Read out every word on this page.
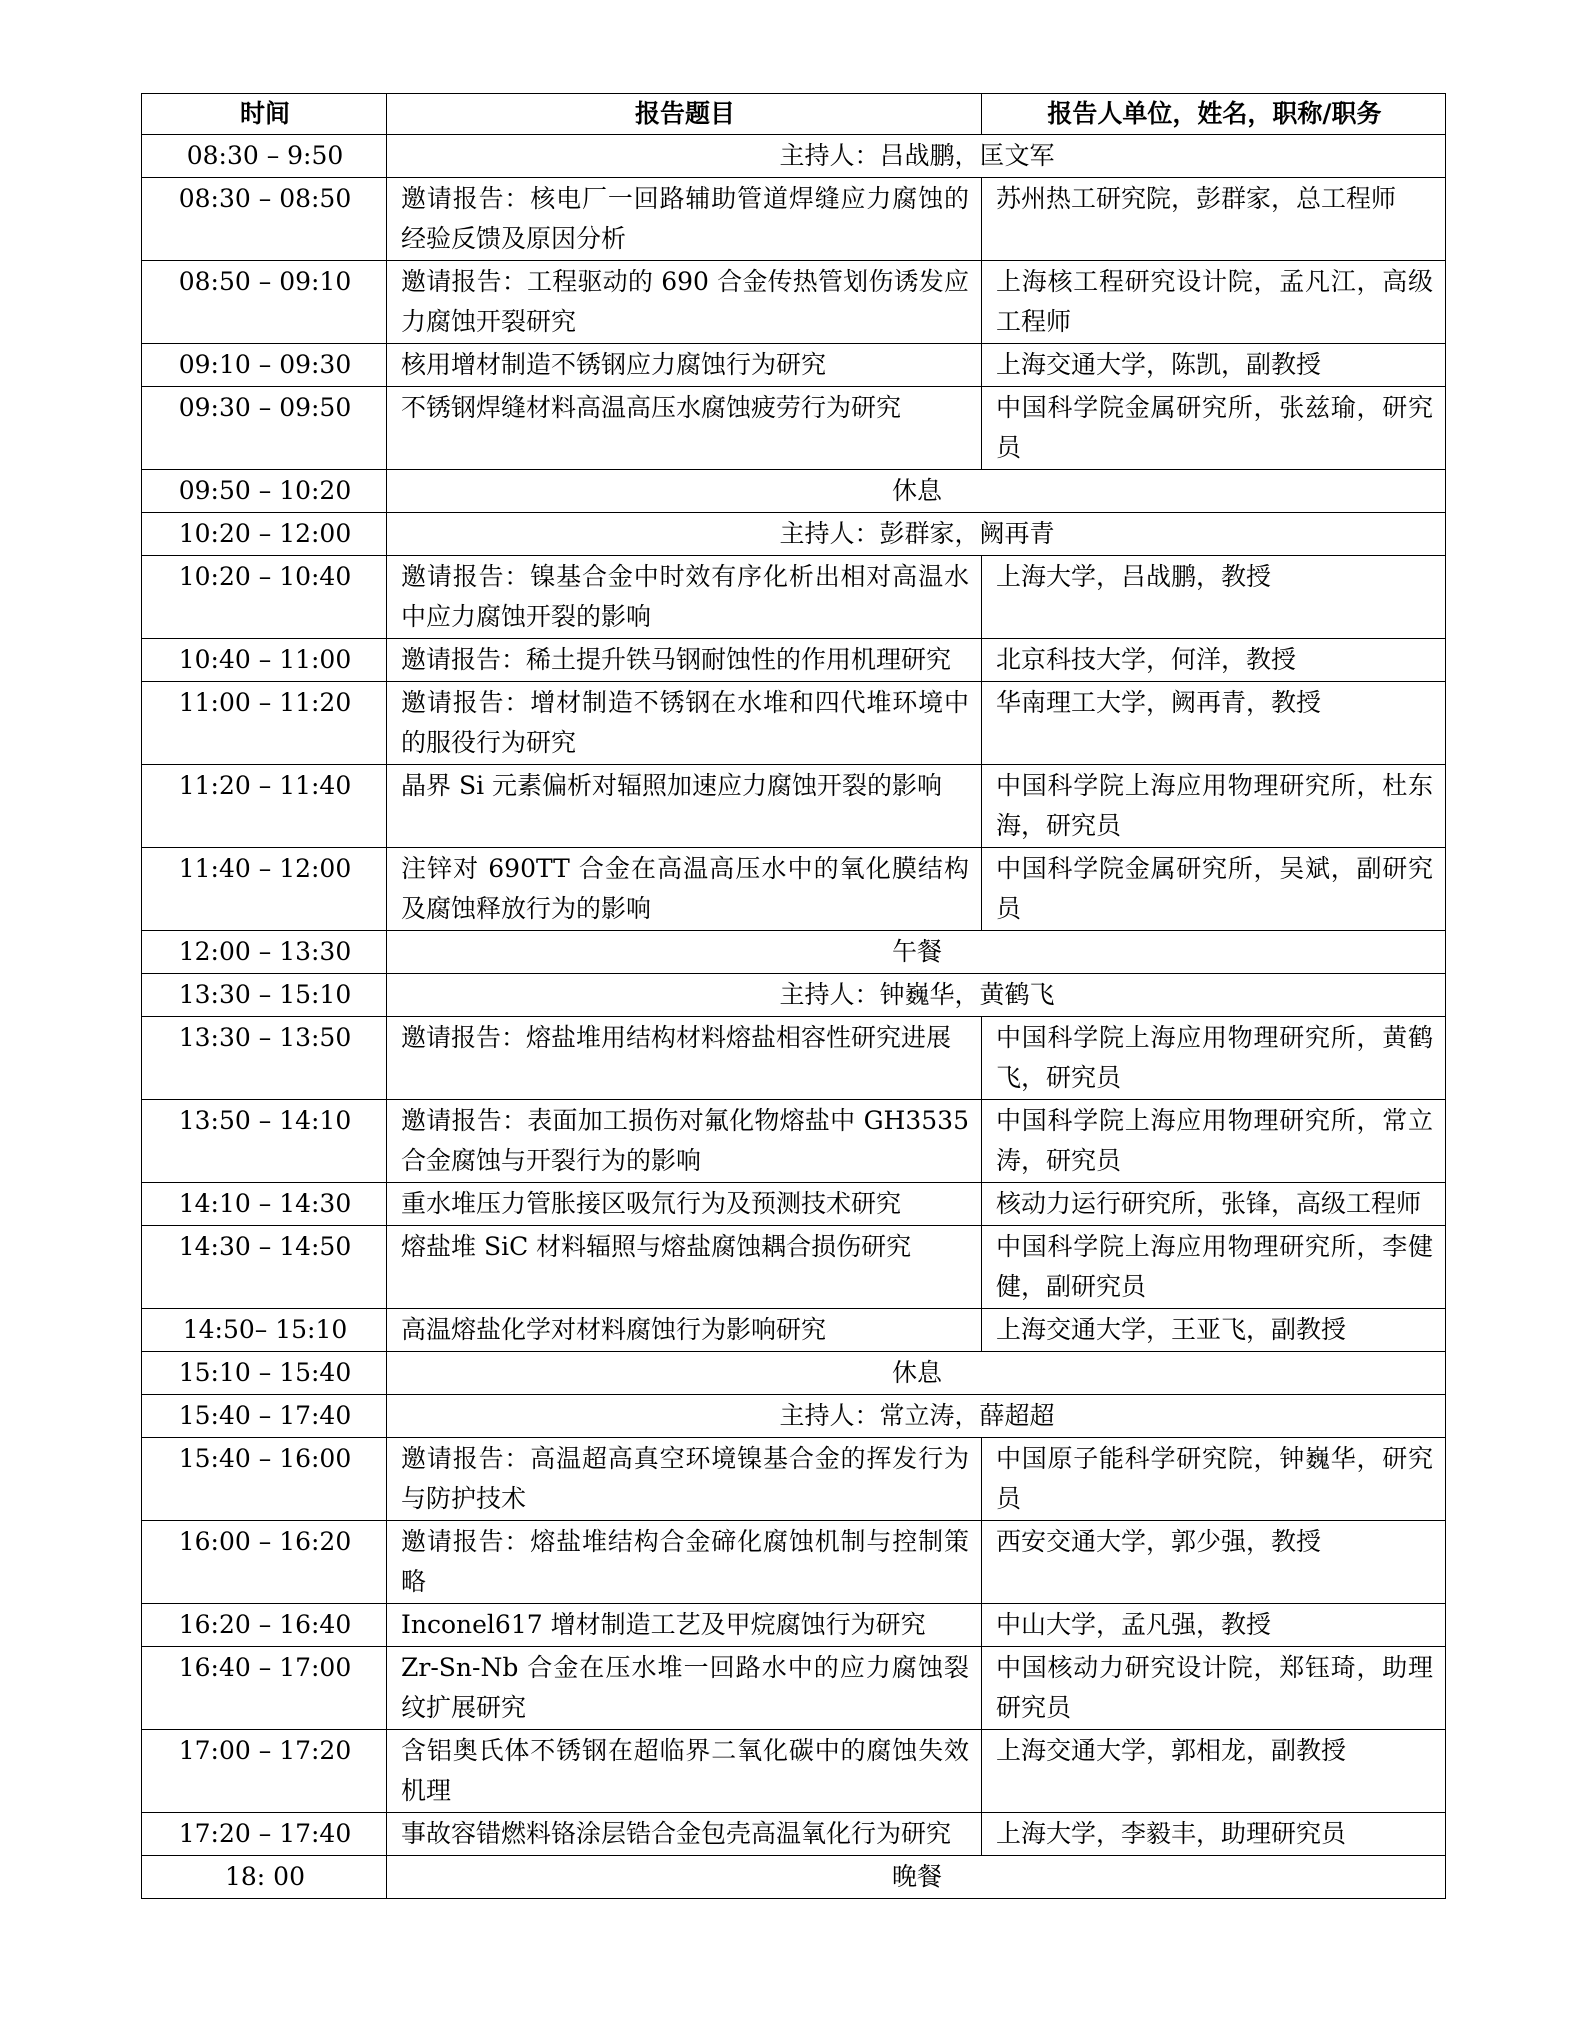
时间	报告题目	报告人单位，姓名，职称/职务
08:30 – 9:50	主持人：吕战鹏，匡文军	
08:30 – 08:50	邀请报告：核电厂一回路辅助管道焊缝应力腐蚀的经验反馈及原因分析	苏州热工研究院，彭群家，总工程师
08:50 – 09:10	邀请报告：工程驱动的 690 合金传热管划伤诱发应力腐蚀开裂研究	上海核工程研究设计院，孟凡江，高级工程师
09:10 – 09:30	核用增材制造不锈钢应力腐蚀行为研究	上海交通大学，陈凯，副教授
09:30 – 09:50	不锈钢焊缝材料高温高压水腐蚀疲劳行为研究	中国科学院金属研究所，张兹瑜，研究员
09:50 – 10:20	休息	
10:20 – 12:00	主持人：彭群家，阙再青	
10:20 – 10:40	邀请报告：镍基合金中时效有序化析出相对高温水中应力腐蚀开裂的影响	上海大学，吕战鹏，教授
10:40 – 11:00	邀请报告：稀土提升铁马钢耐蚀性的作用机理研究	北京科技大学，何洋，教授
11:00 – 11:20	邀请报告：增材制造不锈钢在水堆和四代堆环境中的服役行为研究	华南理工大学，阙再青，教授
11:20 – 11:40	晶界 Si 元素偏析对辐照加速应力腐蚀开裂的影响	中国科学院上海应用物理研究所，杜东海，研究员
11:40 – 12:00	注锌对 690TT 合金在高温高压水中的氧化膜结构及腐蚀释放行为的影响	中国科学院金属研究所，吴斌，副研究员
12:00 – 13:30	午餐	
13:30 – 15:10	主持人：钟巍华，黄鹤飞	
13:30 – 13:50	邀请报告：熔盐堆用结构材料熔盐相容性研究进展	中国科学院上海应用物理研究所，黄鹤飞，研究员
13:50 – 14:10	邀请报告：表面加工损伤对氟化物熔盐中 GH3535 合金腐蚀与开裂行为的影响	中国科学院上海应用物理研究所，常立涛，研究员
14:10 – 14:30	重水堆压力管胀接区吸氘行为及预测技术研究	核动力运行研究所，张锋，高级工程师
14:30 – 14:50	熔盐堆 SiC 材料辐照与熔盐腐蚀耦合损伤研究	中国科学院上海应用物理研究所，李健健，副研究员
14:50– 15:10	高温熔盐化学对材料腐蚀行为影响研究	上海交通大学，王亚飞，副教授
15:10 – 15:40	休息	
15:40 – 17:40	主持人：常立涛，薛超超	
15:40 – 16:00	邀请报告：高温超高真空环境镍基合金的挥发行为与防护技术	中国原子能科学研究院，钟巍华，研究员
16:00 – 16:20	邀请报告：熔盐堆结构合金碲化腐蚀机制与控制策略	西安交通大学，郭少强，教授
16:20 – 16:40	Inconel617 增材制造工艺及甲烷腐蚀行为研究	中山大学，孟凡强，教授
16:40 – 17:00	Zr-Sn-Nb 合金在压水堆一回路水中的应力腐蚀裂纹扩展研究	中国核动力研究设计院，郑钰琦，助理研究员
17:00 – 17:20	含铝奥氏体不锈钢在超临界二氧化碳中的腐蚀失效机理	上海交通大学，郭相龙，副教授
17:20 – 17:40	事故容错燃料铬涂层锆合金包壳高温氧化行为研究	上海大学，李毅丰，助理研究员
18: 00	晚餐	
